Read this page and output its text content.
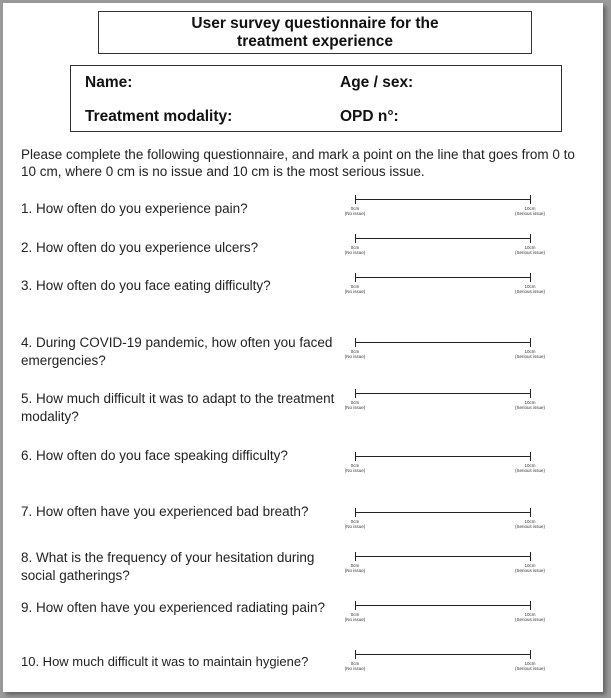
User survey questionnaire for the
treatment experience
Name:	Age / sex:
Treatment modality:	OPD n°:
Please complete the following questionnaire, and mark a point on the line that goes from 0 to 10 cm, where 0 cm is no issue and 10 cm is the most serious issue.
1. How often do you experience pain?	0cm
(No issue)
10cm
(Serious issue)
2. How often do you experience ulcers?	0cm
(No issue)
10cm
(Serious issue)
3. How often do you face eating difficulty?	0cm
(No issue)
10cm
(Serious issue)
4. During COVID-19 pandemic, how often you faced emergencies?
0cm
(No issue)
10cm
(Serious issue)
5. How much difficult it was to adapt to the treatment modality?
0cm
(No issue)
10cm
(Serious issue)
6. How often do you face speaking difficulty?
0cm
(No issue)
10cm
(Serious issue)
7. How often have you experienced bad breath?
0cm
(No issue)
10cm
(Serious issue)
8. What is the frequency of your hesitation during social gatherings?
0cm
(No issue)
10cm
(Serious issue)
9. How often have you experienced radiating pain?	0cm
(No issue)
10cm
(Serious issue)
10. How much difficult it was to maintain hygiene?	0cm
(No issue)
10cm
(Serious issue)
